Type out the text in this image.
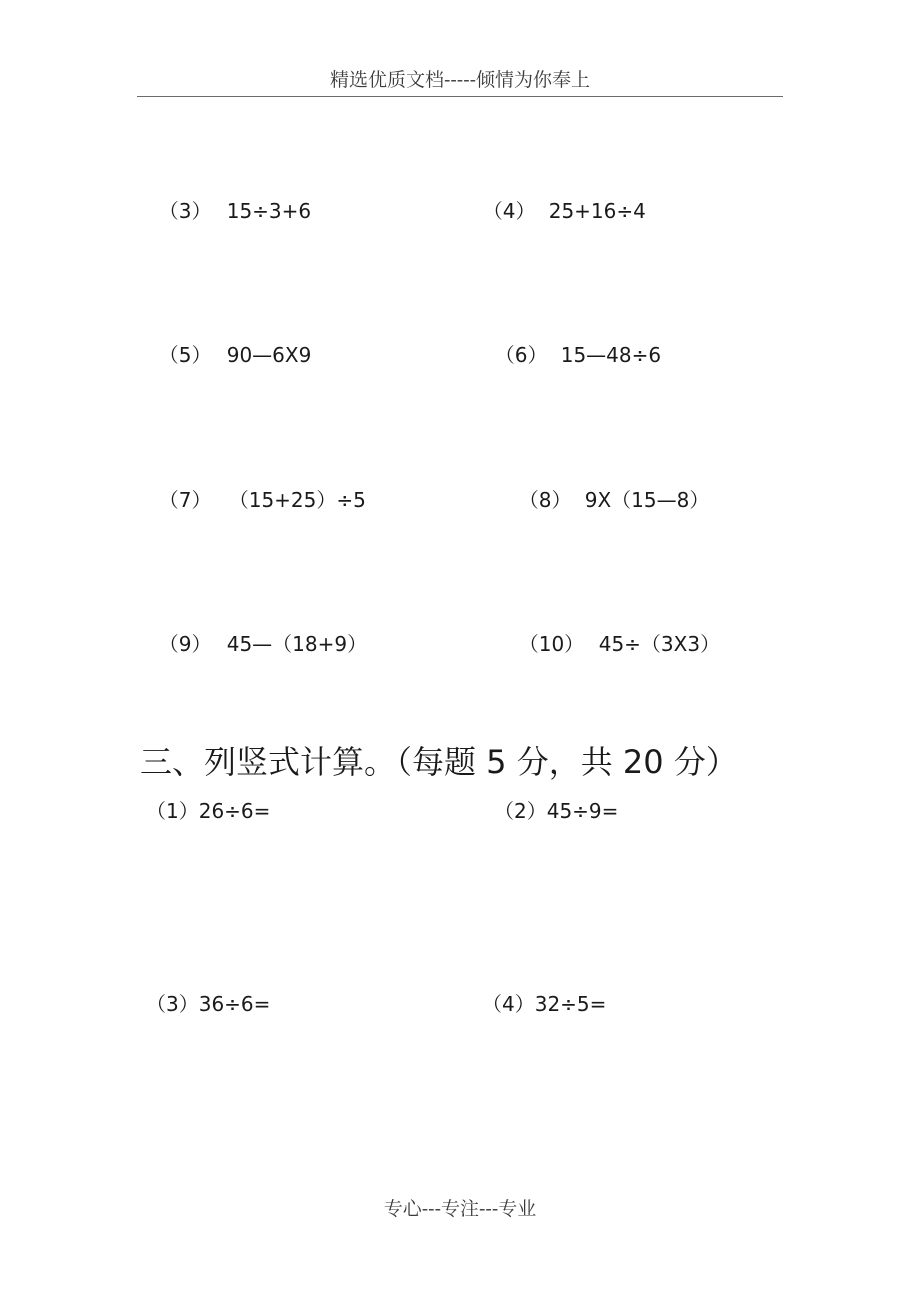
精选优质文档-----倾情为你奉上

（3） 15÷3+6	（4） 25+16÷4

（5） 90—6X9	（6） 15—48÷6

（7） （15+25）÷5	（8） 9X（15—8）

（9） 45—（18+9）	（10） 45÷（3X3）

三、列竖式计算。（每题 5 分，共 20 分）
（1）26÷6=	（2）45÷9=
（3）36÷6=	（4）32÷5=
专心---专注---专业
